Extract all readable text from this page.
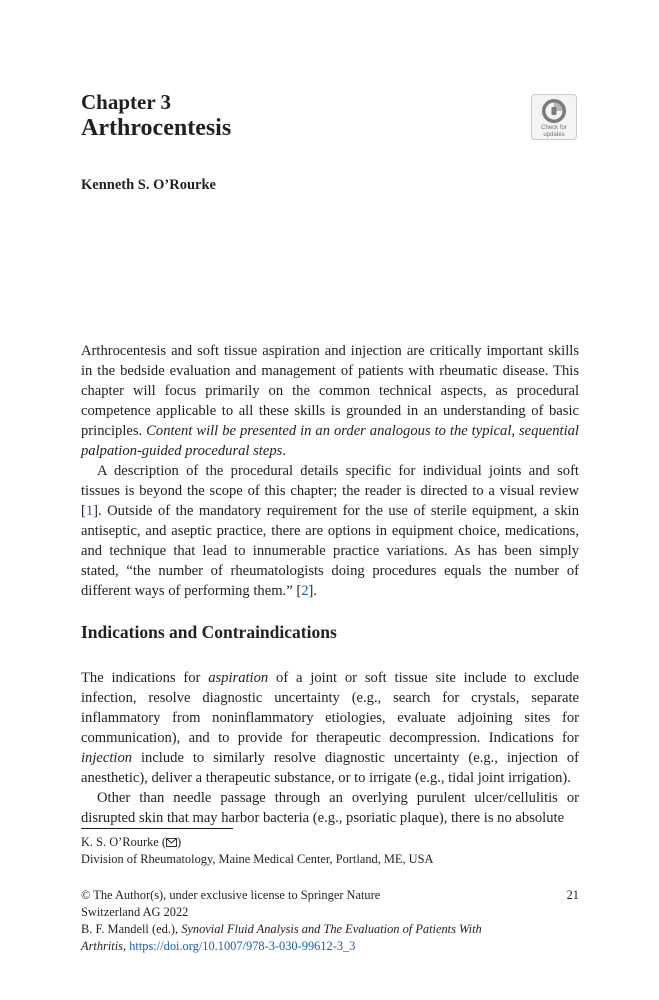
Chapter 3
Arthrocentesis	Check for
updates
Kenneth S. O’Rourke

Arthrocentesis and soft tissue aspiration and injection are critically important skills in the bedside evaluation and management of patients with rheumatic disease. This chapter will focus primarily on the common technical aspects, as procedural competence applicable to all these skills is grounded in an understanding of basic principles. Content will be presented in an order analogous to the typical, sequential palpation-guided procedural steps.

A description of the procedural details specific for individual joints and soft tissues is beyond the scope of this chapter; the reader is directed to a visual review [1]. Outside of the mandatory requirement for the use of sterile equipment, a skin antiseptic, and aseptic practice, there are options in equipment choice, medications, and technique that lead to innumerable practice variations. As has been simply stated, “the number of rheumatologists doing procedures equals the number of different ways of performing them.” [2].

Indications and Contraindications

The indications for aspiration of a joint or soft tissue site include to exclude infection, resolve diagnostic uncertainty (e.g., search for crystals, separate inflammatory from noninflammatory etiologies, evaluate adjoining sites for communication), and to provide for therapeutic decompression. Indications for injection include to similarly resolve diagnostic uncertainty (e.g., injection of anesthetic), deliver a therapeutic substance, or to irrigate (e.g., tidal joint irrigation).

Other than needle passage through an overlying purulent ulcer/cellulitis or disrupted skin that may harbor bacteria (e.g., psoriatic plaque), there is no absolute

K. S. O’Rourke ( )
Division of Rheumatology, Maine Medical Center, Portland, ME, USA
© The Author(s), under exclusive license to Springer Nature	21
Switzerland AG 2022
B. F. Mandell (ed.), Synovial Fluid Analysis and The Evaluation of Patients With
Arthritis, https://doi.org/10.1007/978-3-030-99612-3_3
